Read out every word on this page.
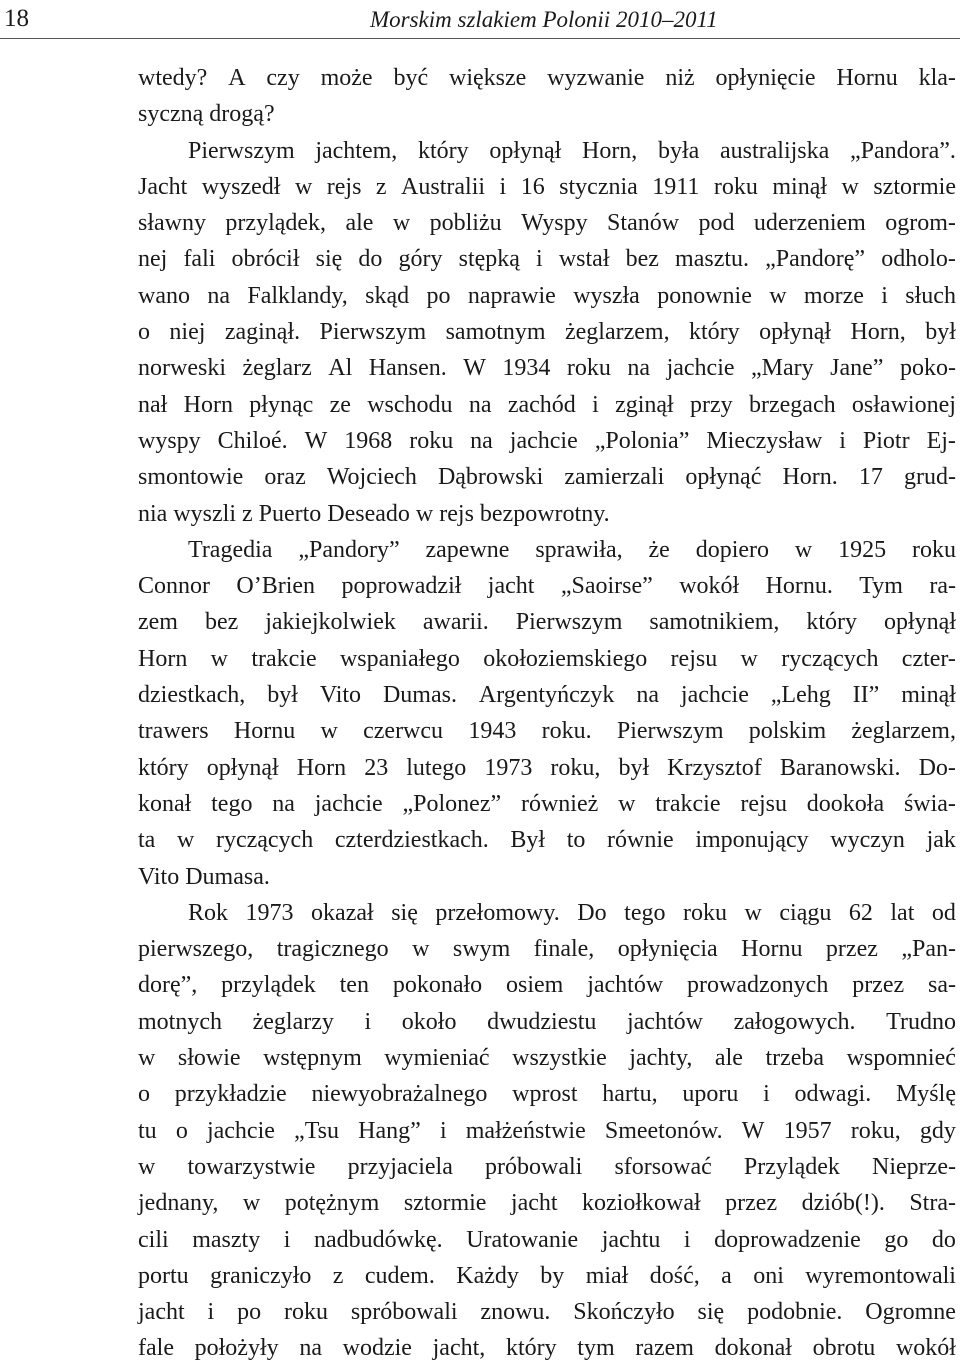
18	Morskim szlakiem Polonii 2010–2011
wtedy? A czy może być większe wyzwanie niż opłynięcie Hornu kla-
syczną drogą?
Pierwszym jachtem, który opłynął Horn, była australijska „Pandora”.
Jacht wyszedł w rejs z Australii i 16 stycznia 1911 roku minął w sztormie
sławny przylądek, ale w pobliżu Wyspy Stanów pod uderzeniem ogrom-
nej fali obrócił się do góry stępką i wstał bez masztu. „Pandorę” odholo-
wano na Falklandy, skąd po naprawie wyszła ponownie w morze i słuch
o niej zaginął. Pierwszym samotnym żeglarzem, który opłynął Horn, był
norweski żeglarz Al Hansen. W 1934 roku na jachcie „Mary Jane” poko-
nał Horn płynąc ze wschodu na zachód i zginął przy brzegach osławionej
wyspy Chiloé. W 1968 roku na jachcie „Polonia” Mieczysław i Piotr Ej-
smontowie oraz Wojciech Dąbrowski zamierzali opłynąć Horn. 17 grud-
nia wyszli z Puerto Deseado w rejs bezpowrotny.
Tragedia „Pandory” zapewne sprawiła, że dopiero w 1925 roku
Connor O’Brien poprowadził jacht „Saoirse” wokół Hornu. Tym ra-
zem bez jakiejkolwiek awarii. Pierwszym samotnikiem, który opłynął
Horn w trakcie wspaniałego okołoziemskiego rejsu w ryczących czter-
dziestkach, był Vito Dumas. Argentyńczyk na jachcie „Lehg II” minął
trawers Hornu w czerwcu 1943 roku. Pierwszym polskim żeglarzem,
który opłynął Horn 23 lutego 1973 roku, był Krzysztof Baranowski. Do-
konał tego na jachcie „Polonez” również w trakcie rejsu dookoła świa-
ta w ryczących czterdziestkach. Był to równie imponujący wyczyn jak
Vito Dumasa.
Rok 1973 okazał się przełomowy. Do tego roku w ciągu 62 lat od
pierwszego, tragicznego w swym finale, opłynięcia Hornu przez „Pan-
dorę”, przylądek ten pokonało osiem jachtów prowadzonych przez sa-
motnych żeglarzy i około dwudziestu jachtów załogowych. Trudno
w słowie wstępnym wymieniać wszystkie jachty, ale trzeba wspomnieć
o przykładzie niewyobrażalnego wprost hartu, uporu i odwagi. Myślę
tu o jachcie „Tsu Hang” i małżeństwie Smeetonów. W 1957 roku, gdy
w towarzystwie przyjaciela próbowali sforsować Przylądek Nieprze-
jednany, w potężnym sztormie jacht koziołkował przez dziób(!). Stra-
cili maszty i nadbudówkę. Uratowanie jachtu i doprowadzenie go do
portu graniczyło z cudem. Każdy by miał dość, a oni wyremontowali
jacht i po roku spróbowali znowu. Skończyło się podobnie. Ogromne
fale położyły na wodzie jacht, który tym razem dokonał obrotu wokół
